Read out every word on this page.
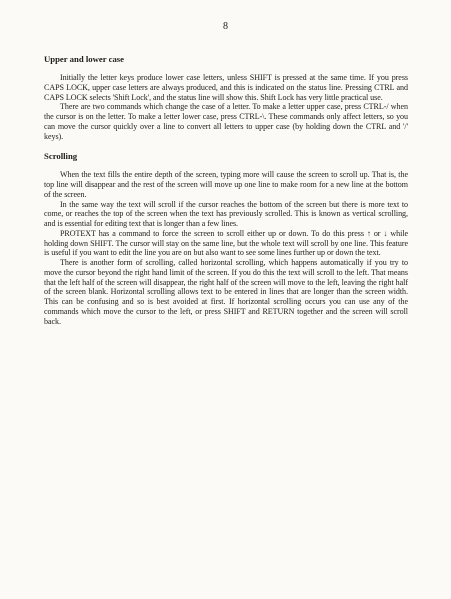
8
Upper and lower case

Initially the letter keys produce lower case letters, unless SHIFT is pressed at the same time. If you press CAPS LOCK, upper case letters are always produced, and this is indicated on the status line. Pressing CTRL and CAPS LOCK selects 'Shift Lock', and the status line will show this. Shift Lock has very little practical use.

There are two commands which change the case of a letter. To make a letter upper case, press CTRL-/ when the cursor is on the letter. To make a letter lower case, press CTRL-\. These commands only affect letters, so you can move the cursor quickly over a line to convert all letters to upper case (by holding down the CTRL and '/' keys).

Scrolling

When the text fills the entire depth of the screen, typing more will cause the screen to scroll up. That is, the top line will disappear and the rest of the screen will move up one line to make room for a new line at the bottom of the screen.

In the same way the text will scroll if the cursor reaches the bottom of the screen but there is more text to come, or reaches the top of the screen when the text has previously scrolled. This is known as vertical scrolling, and is essential for editing text that is longer than a few lines.

PROTEXT has a command to force the screen to scroll either up or down. To do this press ↑ or ↓ while holding down SHIFT. The cursor will stay on the same line, but the whole text will scroll by one line. This feature is useful if you want to edit the line you are on but also want to see some lines further up or down the text.

There is another form of scrolling, called horizontal scrolling, which happens automatically if you try to move the cursor beyond the right hand limit of the screen. If you do this the text will scroll to the left. That means that the left half of the screen will disappear, the right half of the screen will move to the left, leaving the right half of the screen blank. Horizontal scrolling allows text to be entered in lines that are longer than the screen width. This can be confusing and so is best avoided at first. If horizontal scrolling occurs you can use any of the commands which move the cursor to the left, or press SHIFT and RETURN together and the screen will scroll back.
